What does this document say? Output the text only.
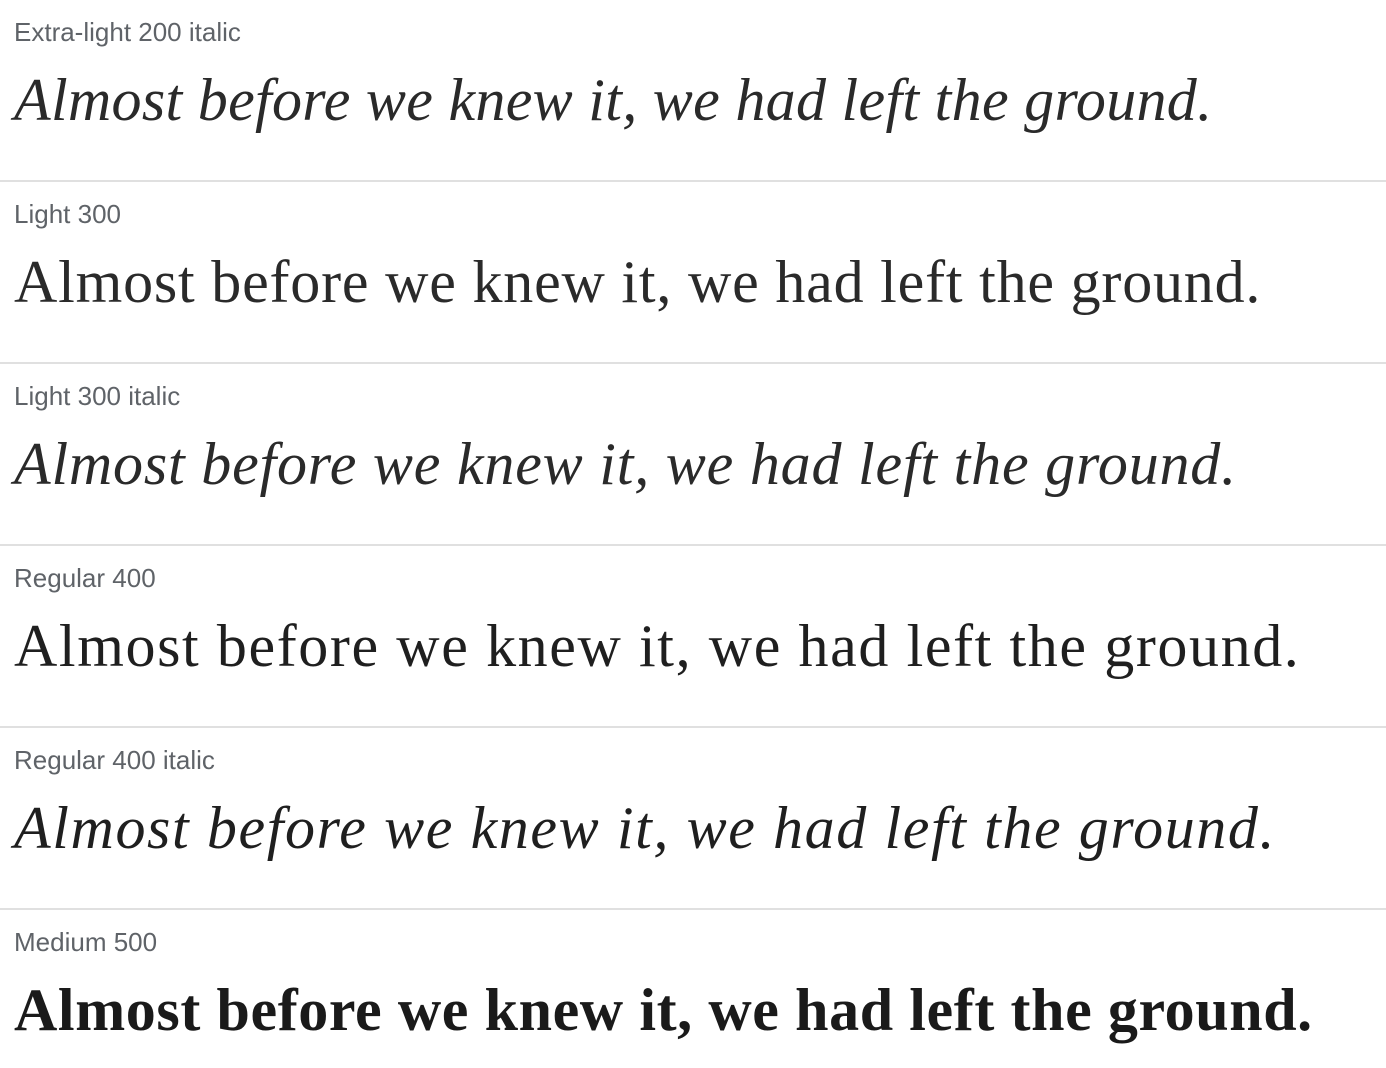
Extra-light 200 italic
Almost before we knew it, we had left the ground.
Light 300
Almost before we knew it, we had left the ground.
Light 300 italic
Almost before we knew it, we had left the ground.
Regular 400
Almost before we knew it, we had left the ground.
Regular 400 italic
Almost before we knew it, we had left the ground.
Medium 500
Almost before we knew it, we had left the ground.
